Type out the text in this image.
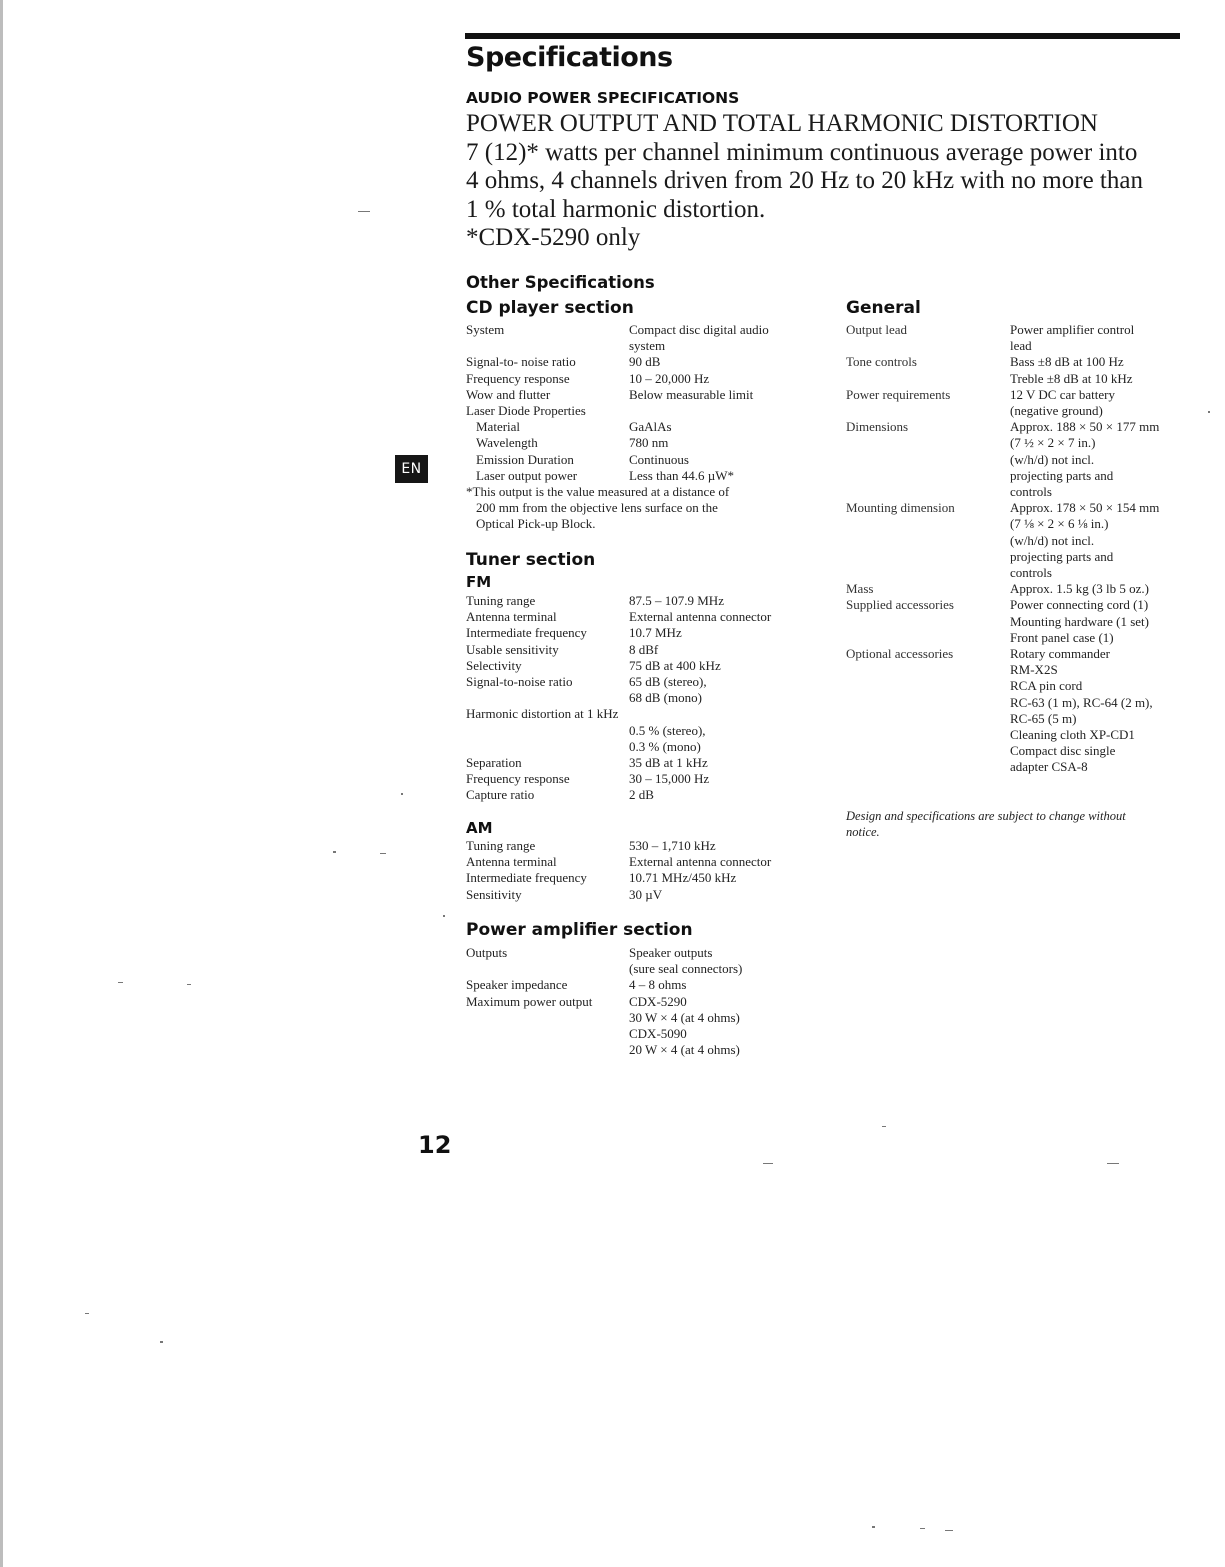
Specifications
AUDIO POWER SPECIFICATIONS
POWER OUTPUT AND TOTAL HARMONIC DISTORTION
7 (12)* watts per channel minimum continuous average power into
4 ohms, 4 channels driven from 20 Hz to 20 kHz with no more than
1 % total harmonic distortion.
*CDX-5290 only
Other Specifications
CD player section
System	Compact disc digital audio
system
Signal-to- noise ratio	90 dB
Frequency response	10 – 20,000 Hz
Wow and flutter	Below measurable limit
Laser Diode Properties
Material	GaAlAs
Wavelength	780 nm
Emission Duration	Continuous
Laser output power	Less than 44.6 µW*
*This output is the value measured at a distance of
200 mm from the objective lens surface on the
Optical Pick-up Block.
EN
Tuner section
FM
Tuning range	87.5 – 107.9 MHz
Antenna terminal	External antenna connector
Intermediate frequency	10.7 MHz
Usable sensitivity	8 dBf
Selectivity	75 dB at 400 kHz
Signal-to-noise ratio	65 dB (stereo),
68 dB (mono)
Harmonic distortion at 1 kHz
0.5 % (stereo),
0.3 % (mono)
Separation	35 dB at 1 kHz
Frequency response	30 – 15,000 Hz
Capture ratio	2 dB
AM
Tuning range	530 – 1,710 kHz
Antenna terminal	External antenna connector
Intermediate frequency	10.71 MHz/450 kHz
Sensitivity	30 µV
Power amplifier section
Outputs	Speaker outputs
(sure seal connectors)
Speaker impedance	4 – 8 ohms
Maximum power output	CDX-5290
30 W × 4 (at 4 ohms)
CDX-5090
20 W × 4 (at 4 ohms)
General
Output lead	Power amplifier control
lead
Tone controls	Bass ±8 dB at 100 Hz
Treble ±8 dB at 10 kHz
Power requirements	12 V DC car battery
(negative ground)
Dimensions	Approx. 188 × 50 × 177 mm
(7 ½ × 2 × 7 in.)
(w/h/d) not incl.
projecting parts and
controls
Mounting dimension	Approx. 178 × 50 × 154 mm
(7 ⅛ × 2 × 6 ⅛ in.)
(w/h/d) not incl.
projecting parts and
controls
Mass	Approx. 1.5 kg (3 lb 5 oz.)
Supplied accessories	Power connecting cord (1)
Mounting hardware (1 set)
Front panel case (1)
Optional accessories	Rotary commander
RM-X2S
RCA pin cord
RC-63 (1 m), RC-64 (2 m),
RC-65 (5 m)
Cleaning cloth XP-CD1
Compact disc single
adapter CSA-8
Design and specifications are subject to change without
notice.
12
